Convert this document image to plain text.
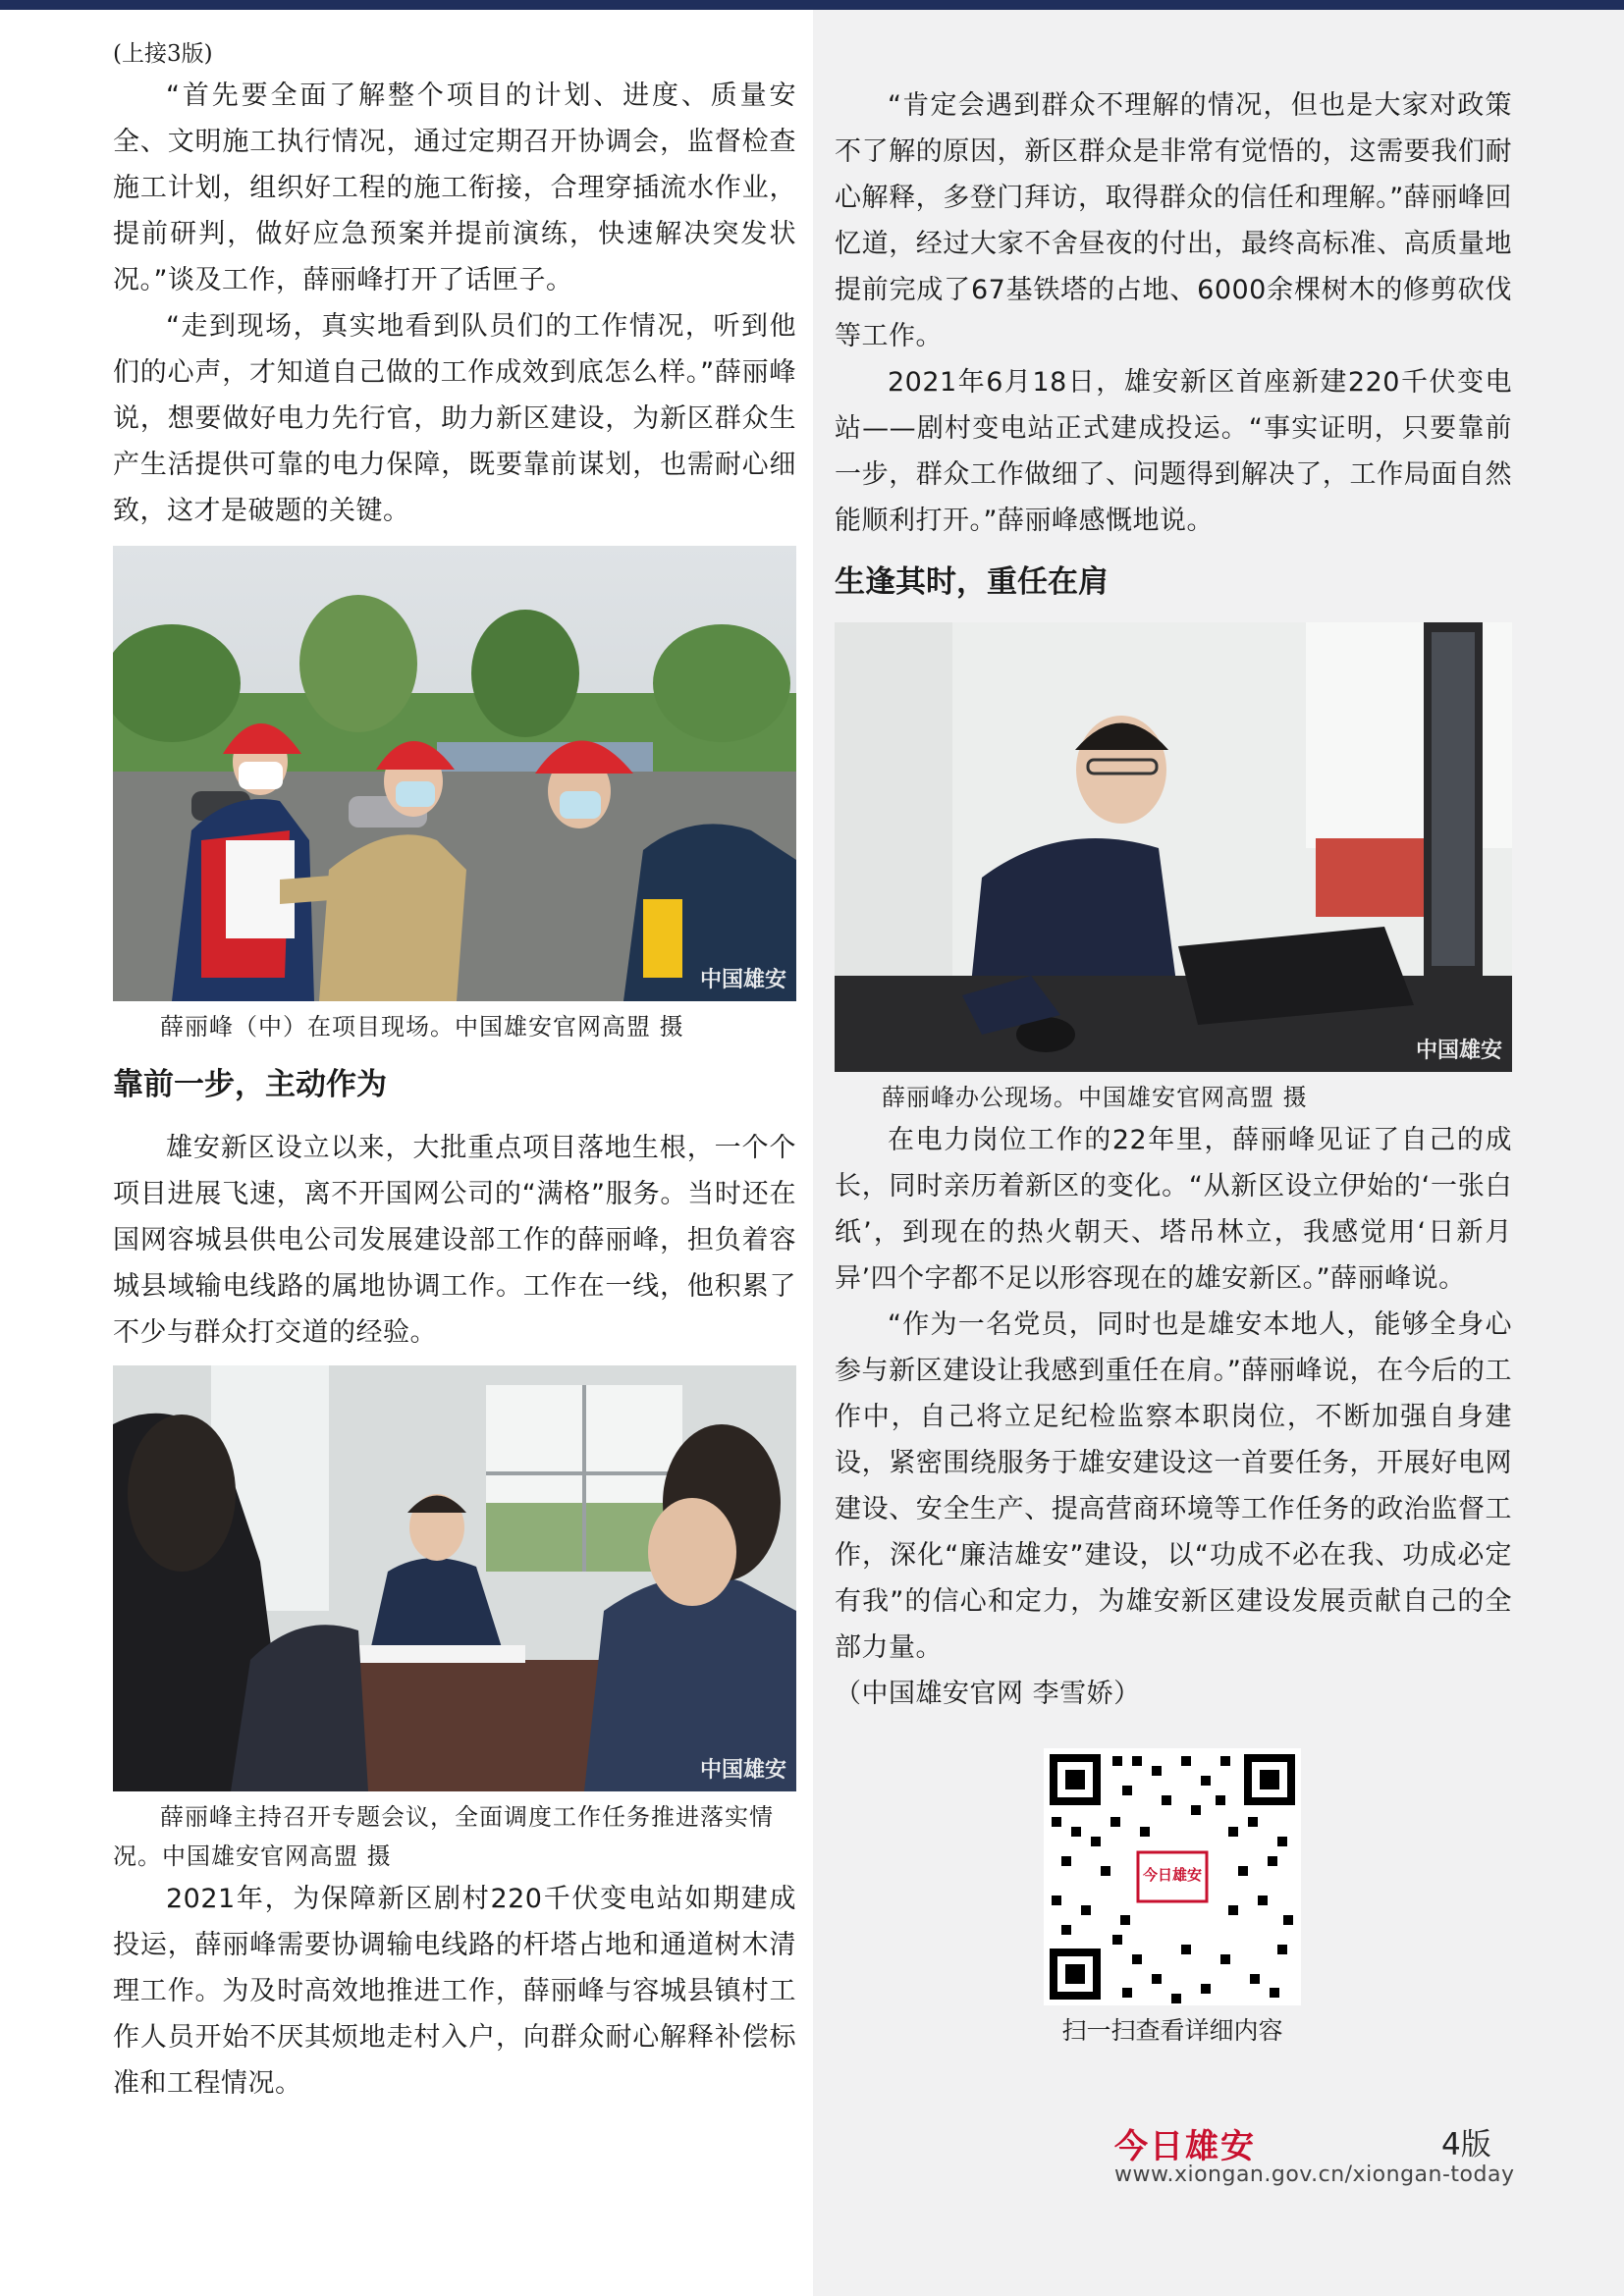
(上接3版)

“首先要全面了解整个项目的计划、进度、质量安全、文明施工执行情况，通过定期召开协调会，监督检查施工计划，组织好工程的施工衔接，合理穿插流水作业，提前研判，做好应急预案并提前演练，快速解决突发状况。”谈及工作，薛丽峰打开了话匣子。

“走到现场，真实地看到队员们的工作情况，听到他们的心声，才知道自己做的工作成效到底怎么样。”薛丽峰说，想要做好电力先行官，助力新区建设，为新区群众生产生活提供可靠的电力保障，既要靠前谋划，也需耐心细致，这才是破题的关键。

中国雄安
薛丽峰（中）在项目现场。中国雄安官网高盟 摄
靠前一步，主动作为

雄安新区设立以来，大批重点项目落地生根，一个个项目进展飞速，离不开国网公司的“满格”服务。当时还在国网容城县供电公司发展建设部工作的薛丽峰，担负着容城县域输电线路的属地协调工作。工作在一线，他积累了不少与群众打交道的经验。

中国雄安
薛丽峰主持召开专题会议，全面调度工作任务推进落实情况。中国雄安官网高盟 摄

2021年，为保障新区剧村220千伏变电站如期建成投运，薛丽峰需要协调输电线路的杆塔占地和通道树木清理工作。为及时高效地推进工作，薛丽峰与容城县镇村工作人员开始不厌其烦地走村入户，向群众耐心解释补偿标准和工程情况。

“肯定会遇到群众不理解的情况，但也是大家对政策不了解的原因，新区群众是非常有觉悟的，这需要我们耐心解释，多登门拜访，取得群众的信任和理解。”薛丽峰回忆道，经过大家不舍昼夜的付出，最终高标准、高质量地提前完成了67基铁塔的占地、6000余棵树木的修剪砍伐等工作。

2021年6月18日，雄安新区首座新建220千伏变电站——剧村变电站正式建成投运。“事实证明，只要靠前一步，群众工作做细了、问题得到解决了，工作局面自然能顺利打开。”薛丽峰感慨地说。

生逢其时，重任在肩
中国雄安
薛丽峰办公现场。中国雄安官网高盟 摄

在电力岗位工作的22年里，薛丽峰见证了自己的成长，同时亲历着新区的变化。“从新区设立伊始的‘一张白纸’，到现在的热火朝天、塔吊林立，我感觉用‘日新月异’四个字都不足以形容现在的雄安新区。”薛丽峰说。

“作为一名党员，同时也是雄安本地人，能够全身心参与新区建设让我感到重任在肩。”薛丽峰说，在今后的工作中，自己将立足纪检监察本职岗位，不断加强自身建设，紧密围绕服务于雄安建设这一首要任务，开展好电网建设、安全生产、提高营商环境等工作任务的政治监督工作，深化“廉洁雄安”建设，以“功成不必在我、功成必定有我”的信心和定力，为雄安新区建设发展贡献自己的全部力量。

（中国雄安官网 李雪娇）

今日雄安
扫一扫查看详细内容
今日雄安	4版
www.xiongan.gov.cn/xiongan-today
